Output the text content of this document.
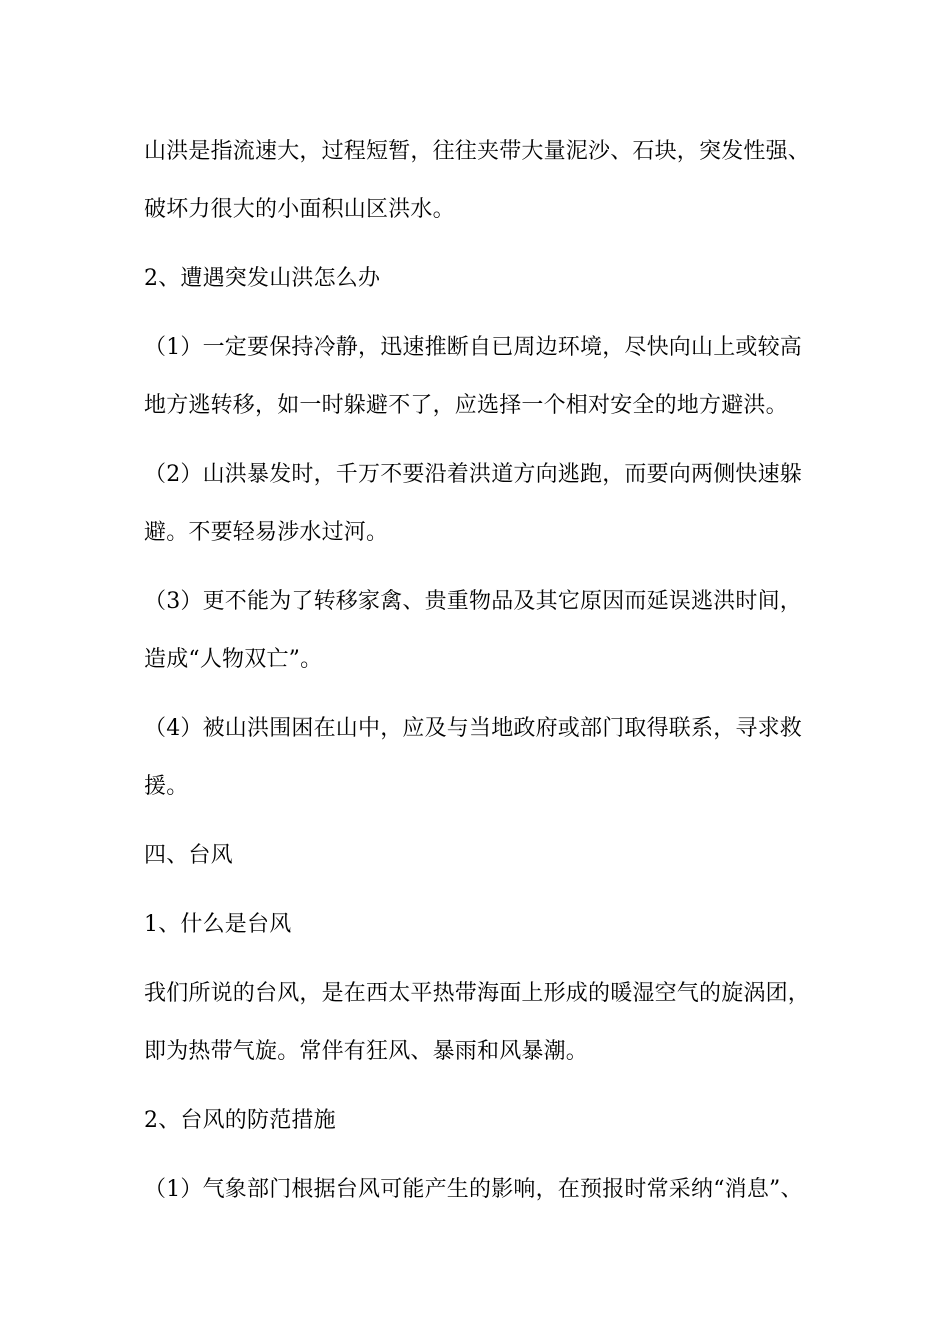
山洪是指流速大，过程短暂，往往夹带大量泥沙、石块，突发性强、
破坏力很大的小面积山区洪水。
2、遭遇突发山洪怎么办
（1）一定要保持冷静，迅速推断自已周边环境，尽快向山上或较高
地方逃转移，如一时躲避不了，应选择一个相对安全的地方避洪。
（2）山洪暴发时，千万不要沿着洪道方向逃跑，而要向两侧快速躲
避。不要轻易涉水过河。
（3）更不能为了转移家禽、贵重物品及其它原因而延误逃洪时间，
造成“人物双亡”。
（4）被山洪围困在山中，应及与当地政府或部门取得联系，寻求救
援。
四、台风
1、什么是台风
我们所说的台风，是在西太平热带海面上形成的暖湿空气的旋涡团，
即为热带气旋。常伴有狂风、暴雨和风暴潮。
2、台风的防范措施
（1）气象部门根据台风可能产生的影响，在预报时常采纳“消息”、
